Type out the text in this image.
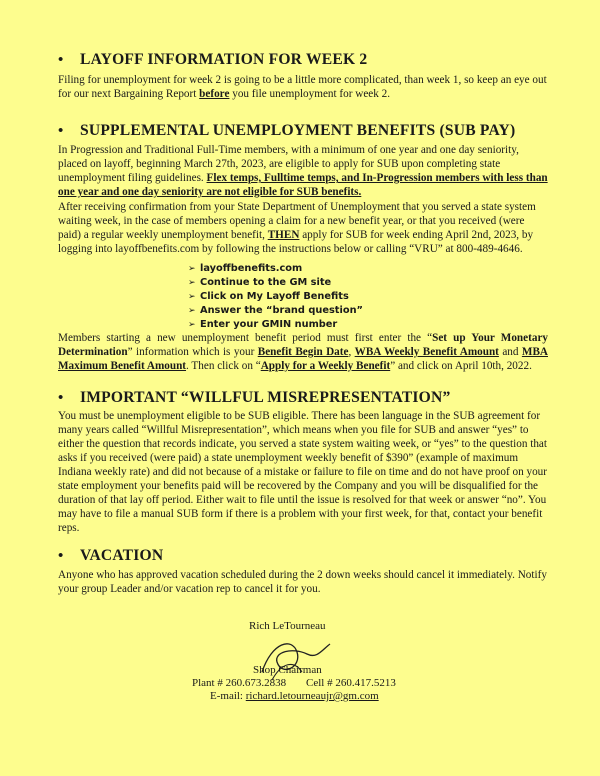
• LAYOFF INFORMATION FOR WEEK 2
Filing for unemployment for week 2 is going to be a little more complicated, than week 1, so keep an eye out for our next Bargaining Report before you file unemployment for week 2.
• SUPPLEMENTAL UNEMPLOYMENT BENEFITS (SUB PAY)
In Progression and Traditional Full-Time members, with a minimum of one year and one day seniority, placed on layoff, beginning March 27th, 2023, are eligible to apply for SUB upon completing state unemployment filing guidelines. Flex temps, Fulltime temps, and In-Progression members with less than one year and one day seniority are not eligible for SUB benefits.
After receiving confirmation from your State Department of Unemployment that you served a state system waiting week, in the case of members opening a claim for a new benefit year, or that you received (were paid) a regular weekly unemployment benefit, THEN apply for SUB for week ending April 2nd, 2023, by logging into layoffbenefits.com by following the instructions below or calling “VRU” at 800-489-4646.
➢ layoffbenefits.com
➢ Continue to the GM site
➢ Click on My Layoff Benefits
➢ Answer the “brand question”
➢ Enter your GMIN number
Members starting a new unemployment benefit period must first enter the “Set up Your Monetary Determination” information which is your Benefit Begin Date, WBA Weekly Benefit Amount and MBA Maximum Benefit Amount. Then click on “Apply for a Weekly Benefit” and click on April 10th, 2022.
• IMPORTANT “WILLFUL MISREPRESENTATION”
You must be unemployment eligible to be SUB eligible. There has been language in the SUB agreement for many years called “Willful Misrepresentation”, which means when you file for SUB and answer “yes” to either the question that records indicate, you served a state system waiting week, or “yes” to the question that asks if you received (were paid) a state unemployment weekly benefit of $390” (example of maximum Indiana weekly rate) and did not because of a mistake or failure to file on time and do not have proof on your state employment your benefits paid will be recovered by the Company and you will be disqualified for the duration of that lay off period. Either wait to file until the issue is resolved for that week or answer “no”. You may have to file a manual SUB form if there is a problem with your first week, for that, contact your benefit reps.
• VACATION
Anyone who has approved vacation scheduled during the 2 down weeks should cancel it immediately. Notify your group Leader and/or vacation rep to cancel it for you.
Rich LeTourneau
Shop Chairman
Plant # 260.673.2838 Cell # 260.417.5213
E-mail: richard.letourneaujr@gm.com
